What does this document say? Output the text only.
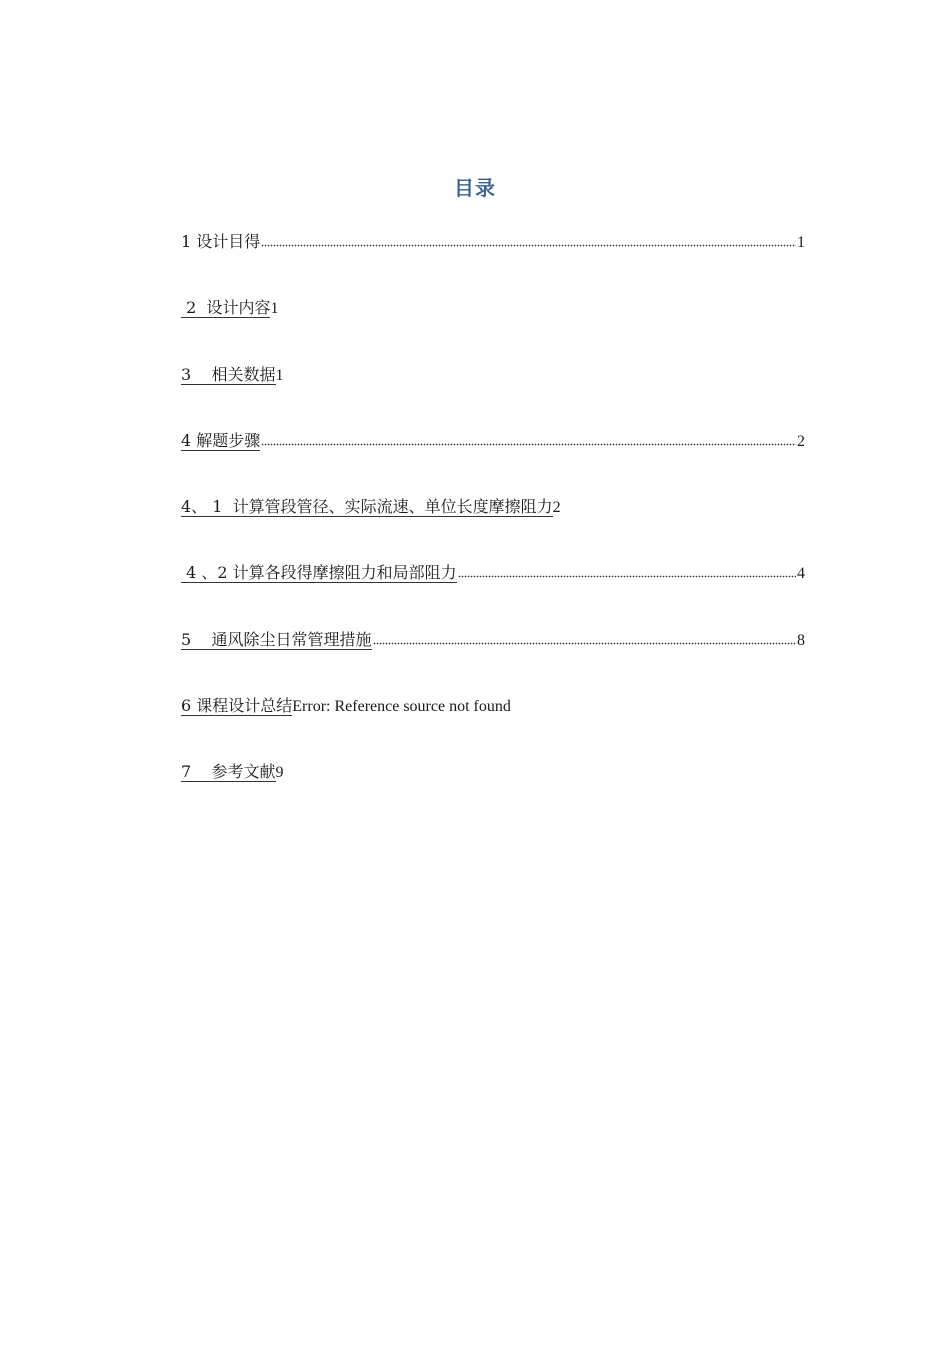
目录
1 设计目得	1
2  设计内容 1
3    相关数据 1
4 解题步骤	2
4、 1  计算管段管径、实际流速、单位长度摩擦阻力 2
4 、2 计算各段得摩擦阻力和局部阻力	4
5    通风除尘日常管理措施	8
6 课程设计总结 Error: Reference source not found
7    参考文献 9
